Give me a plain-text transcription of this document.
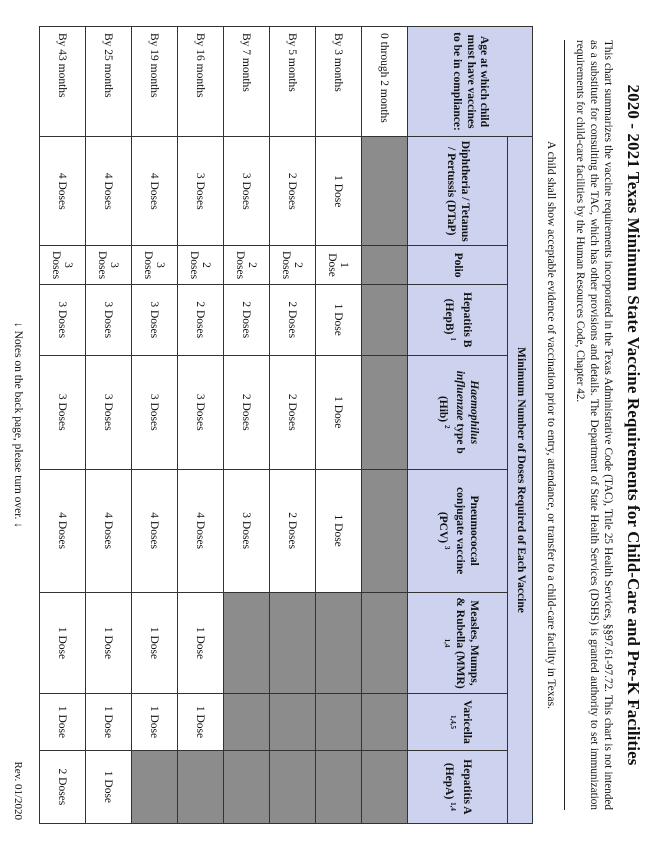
2020 - 2021 Texas Minimum State Vaccine Requirements for Child-Care and Pre-K Facilities
This chart summarizes the vaccine requirements incorporated in the Texas Administrative Code (TAC), Title 25 Health Services, §§97.61-97.72. This chart is not intended as a substitute for consulting the TAC, which has other provisions and details. The Department of State Health Services (DSHS) is granted authority to set immunization requirements for child-care facilities by the Human Resources Code, Chapter 42.
A child shall show acceptable evidence of vaccination prior to entry, attendance, or transfer to a child-care facility in Texas.
Age at which child must have vaccines to be in compliance:	Minimum Number of Doses Required of Each Vaccine							
	Diphtheria / Tetanus / Pertussis (DTaP)	Polio	Hepatitis B (HepB) $^1$	Haemophilus influenzae type b (Hib) $^2$	Pneumococcal conjugate vaccine (PCV) $^3$	Measles, Mumps, & Rubella (MMR) $^{1,4}$	Varicella $^{1,4,5}$	Hepatitis A (HepA) $^{1,4}$
0 through 2 months								
By 3 months	1 Dose	1 Dose	1 Dose	1 Dose	1 Dose			
By 5 months	2 Doses	2 Doses	2 Doses	2 Doses	2 Doses			
By 7 months	3 Doses	2 Doses	2 Doses	2 Doses	3 Doses			
By 16 months	3 Doses	2 Doses	2 Doses	3 Doses	4 Doses	1 Dose	1 Dose	
By 19 months	4 Doses	3 Doses	3 Doses	3 Doses	4 Doses	1 Dose	1 Dose	
By 25 months	4 Doses	3 Doses	3 Doses	3 Doses	4 Doses	1 Dose	1 Dose	1 Dose
By 43 months	4 Doses	3 Doses	3 Doses	3 Doses	4 Doses	1 Dose	1 Dose	2 Doses
↓ Notes on the back page, please turn over. ↓
Rev. 01/2020
